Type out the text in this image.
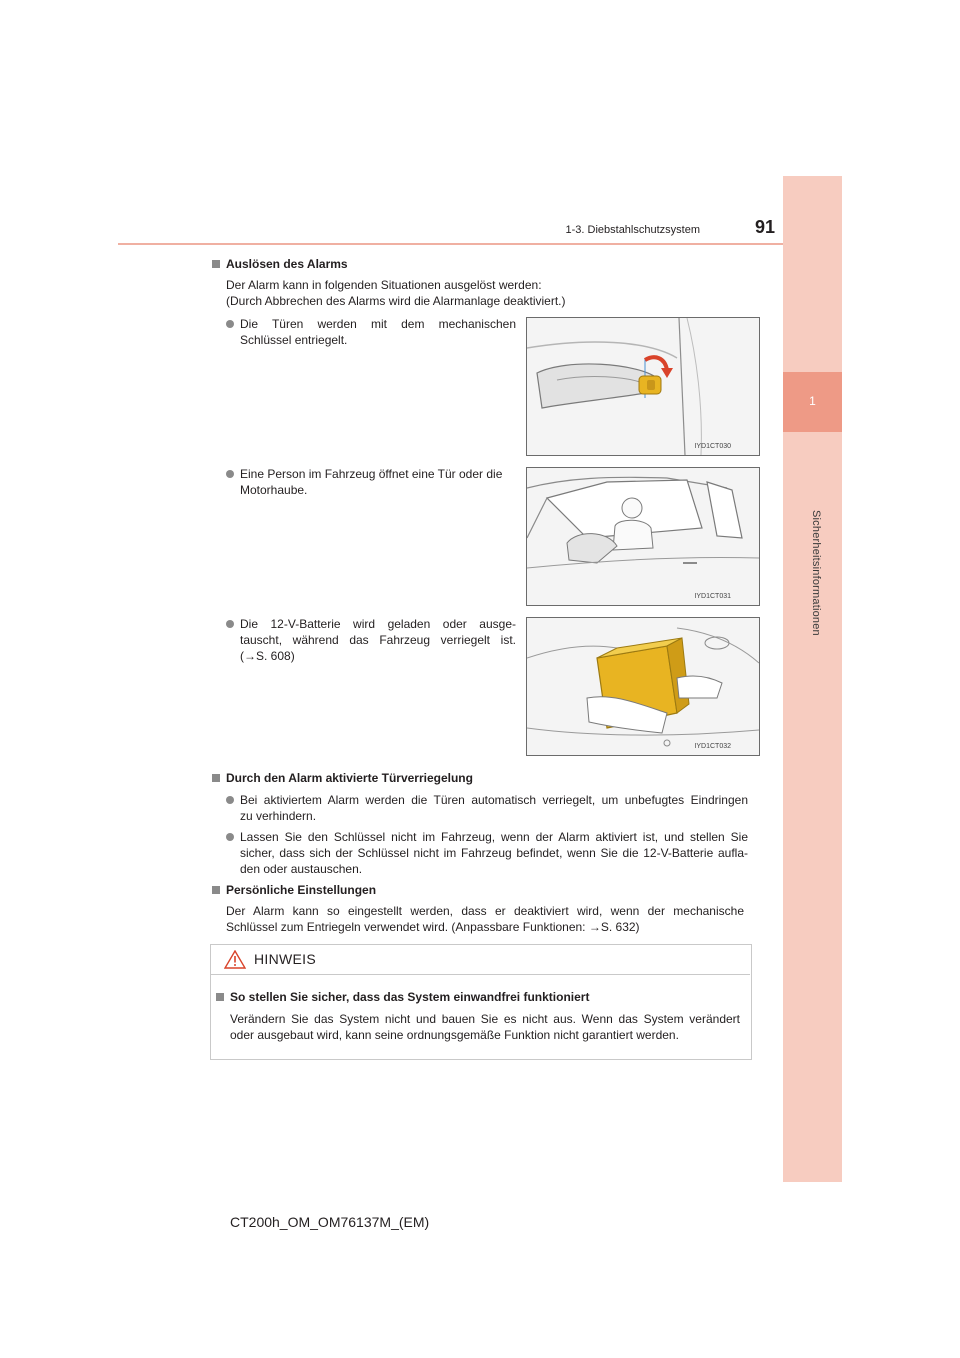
1
Sicherheitsinformationen
1-3. Diebstahlschutzsystem	91
Auslösen des Alarms
Der Alarm kann in folgenden Situationen ausgelöst werden:
(Durch Abbrechen des Alarms wird die Alarmanlage deaktiviert.)
Die Türen werden mit dem mechanischen
Schlüssel entriegelt.
IYD1CT030
Eine Person im Fahrzeug öffnet eine Tür oder die
Motorhaube.
IYD1CT031
Die 12-V-Batterie wird geladen oder ausge-
tauscht, während das Fahrzeug verriegelt ist.
(→S. 608)
IYD1CT032
Durch den Alarm aktivierte Türverriegelung
Bei aktiviertem Alarm werden die Türen automatisch verriegelt, um unbefugtes Eindringen
zu verhindern.
Lassen Sie den Schlüssel nicht im Fahrzeug, wenn der Alarm aktiviert ist, und stellen Sie
sicher, dass sich der Schlüssel nicht im Fahrzeug befindet, wenn Sie die 12-V-Batterie aufla-
den oder austauschen.
Persönliche Einstellungen
Der Alarm kann so eingestellt werden, dass er deaktiviert wird, wenn der mechanische
Schlüssel zum Entriegeln verwendet wird. (Anpassbare Funktionen: →S. 632)
HINWEIS
So stellen Sie sicher, dass das System einwandfrei funktioniert
Verändern Sie das System nicht und bauen Sie es nicht aus. Wenn das System verändert
oder ausgebaut wird, kann seine ordnungsgemäße Funktion nicht garantiert werden.
CT200h_OM_OM76137M_(EM)
